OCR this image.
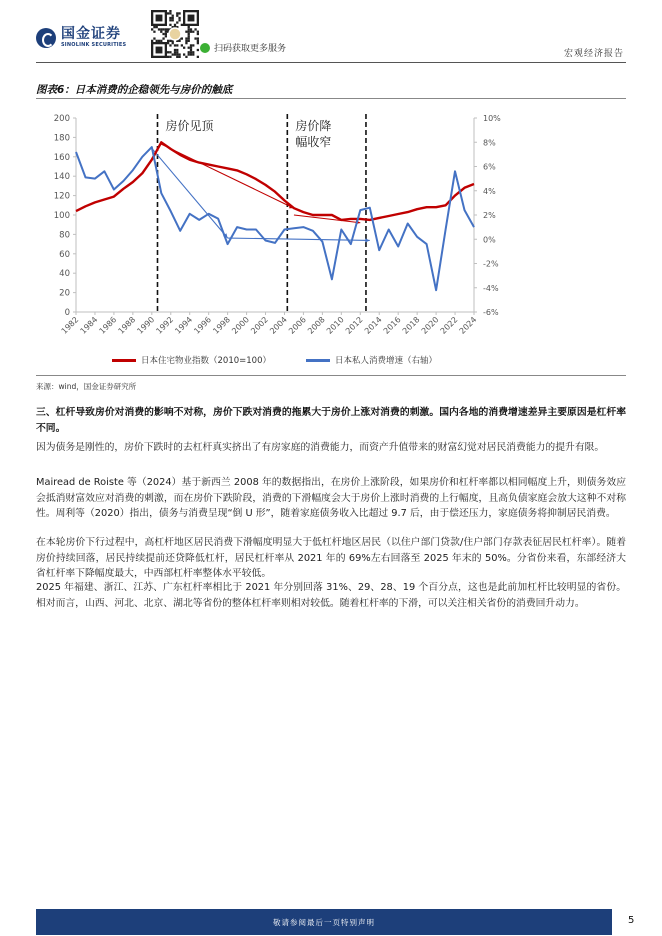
国金证券
SINOLINK SECURITIES	扫码获取更多服务	宏观经济报告
图表6：日本消费的企稳领先与房价的触底
0
20
40
60
80
100
120
140
160
180
200
-6%
-4%
-2%
0%
2%
4%
6%
8%
10%
1982
1984
1986
1988
1990
1992
1994
1996
1998
2000
2002
2004
2006
2008
2010
2012
2014
2016
2018
2020
2022
2024
房价见顶	房价降
幅收窄
日本住宅物业指数（2010=100）	日本私人消费增速（右轴）
来源：wind，国金证券研究所
三、杠杆导致房价对消费的影响不对称，房价下跌对消费的拖累大于房价上涨对消费的刺激。国内各地的消费增速差异主要原因是杠杆率不同。
因为债务是刚性的，房价下跌时的去杠杆真实挤出了有房家庭的消费能力，而资产升值带来的财富幻觉对居民消费能力的提升有限。
Mairead de Roiste 等（2024）基于新西兰 2008 年的数据指出，在房价上涨阶段，如果房价和杠杆率都以相同幅度上升，则债务效应会抵消财富效应对消费的刺激，而在房价下跌阶段，消费的下滑幅度会大于房价上涨时消费的上行幅度，且高负债家庭会放大这种不对称性。周利等（2020）指出，债务与消费呈现“倒 U 形”，随着家庭债务收入比超过 9.7 后，由于偿还压力，家庭债务将抑制居民消费。
在本轮房价下行过程中，高杠杆地区居民消费下滑幅度明显大于低杠杆地区居民（以住户部门贷款/住户部门存款表征居民杠杆率）。随着房价持续回落，居民持续提前还贷降低杠杆，居民杠杆率从 2021 年的 69%左右回落至 2025 年末的 50%。分省份来看，东部经济大省杠杆率下降幅度最大，中西部杠杆率整体水平较低。
2025 年福建、浙江、江苏、广东杠杆率相比于 2021 年分别回落 31%、29、28、19 个百分点，这也是此前加杠杆比较明显的省份。相对而言，山西、河北、北京、湖北等省份的整体杠杆率则相对较低。随着杠杆率的下滑，可以关注相关省份的消费回升动力。
敬请参阅最后一页特别声明	5
